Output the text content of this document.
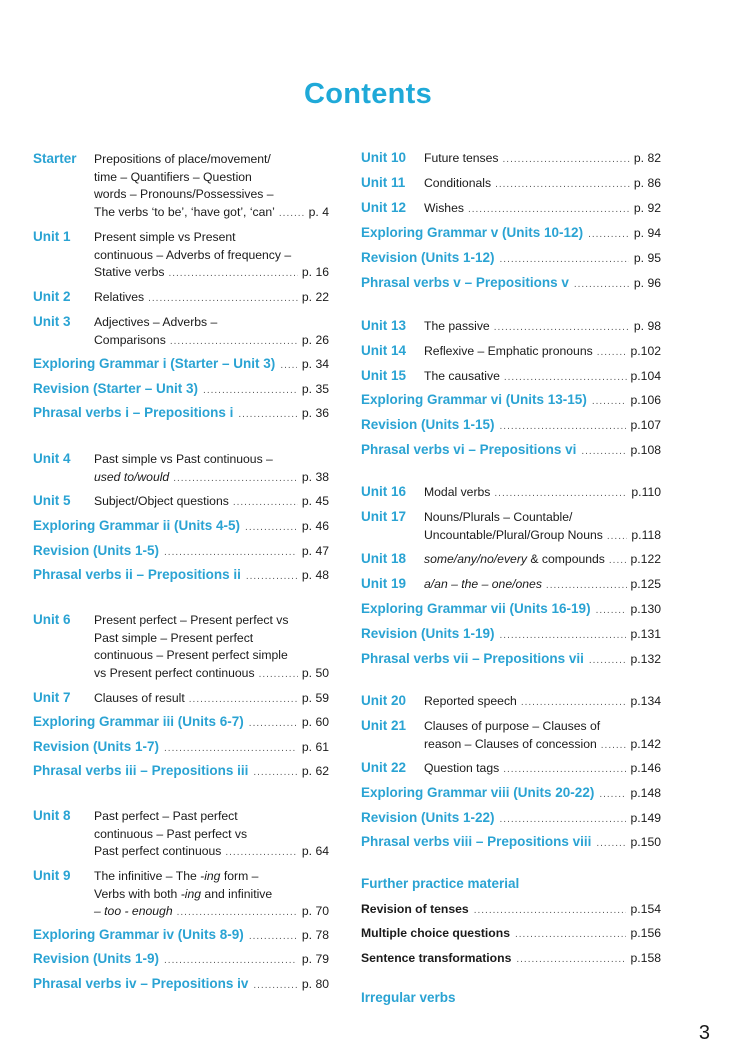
Contents
Starter Prepositions of place/movement/
time – Quantifiers – Question
words – Pronouns/Possessives –
The verbs ‘to be’, ‘have got’, ‘can’ .....	p. 4
Unit 1 Present simple vs Present
continuous – Adverbs of frequency –
Stative verbs .....	p. 16
Unit 2 Relatives .....	p. 22
Unit 3 Adjectives – Adverbs –
Comparisons .....	p. 26
Exploring Grammar i (Starter – Unit 3) ..... p. 34
Revision (Starter – Unit 3) .....	p. 35
Phrasal verbs i – Prepositions i .....	p. 36
Unit 4 Past simple vs Past continuous –
used to/would .....	p. 38
Unit 5 Subject/Object questions .....	p. 45
Exploring Grammar ii (Units 4-5) .....	p. 46
Revision (Units 1-5) .....	p. 47
Phrasal verbs ii – Prepositions ii .....	p. 48
Unit 6 Present perfect – Present perfect vs
Past simple – Present perfect
continuous – Present perfect simple
vs Present perfect continuous .....	p. 50
Unit 7 Clauses of result .....	p. 59
Exploring Grammar iii (Units 6-7) .....	p. 60
Revision (Units 1-7) .....	p. 61
Phrasal verbs iii – Prepositions iii .....	p. 62
Unit 8 Past perfect – Past perfect
continuous – Past perfect vs
Past perfect continuous .....	p. 64
Unit 9 The infinitive – The -ing form –
Verbs with both -ing and infinitive
– too - enough .....	p. 70
Exploring Grammar iv (Units 8-9) .....	p. 78
Revision (Units 1-9) .....	p. 79
Phrasal verbs iv – Prepositions iv .....	p. 80
Unit 10 Future tenses .....	p. 82
Unit 11 Conditionals .....	p. 86
Unit 12 Wishes .....	p. 92
Exploring Grammar v (Units 10-12) .....	p. 94
Revision (Units 1-12) .....	p. 95
Phrasal verbs v – Prepositions v .....	p. 96
Unit 13 The passive .....	p. 98
Unit 14 Reflexive – Emphatic pronouns .....	p.102
Unit 15 The causative .....	p.104
Exploring Grammar vi (Units 13-15) .....	p.106
Revision (Units 1-15) .....	p.107
Phrasal verbs vi – Prepositions vi .....	p.108
Unit 16 Modal verbs .....	p.110
Unit 17 Nouns/Plurals – Countable/
Uncountable/Plural/Group Nouns ..... p.118
Unit 18 some/any/no/every & compounds ..... p.122
Unit 19 a/an – the – one/ones .....	p.125
Exploring Grammar vii (Units 16-19) .....	p.130
Revision (Units 1-19) .....	p.131
Phrasal verbs vii – Prepositions vii .....	p.132
Unit 20 Reported speech .....	p.134
Unit 21 Clauses of purpose – Clauses of
reason – Clauses of concession .....	p.142
Unit 22 Question tags .....	p.146
Exploring Grammar viii (Units 20-22) .....	p.148
Revision (Units 1-22) .....	p.149
Phrasal verbs viii – Prepositions viii .....	p.150
Further practice material
Revision of tenses .....	p.154
Multiple choice questions .....	p.156
Sentence transformations .....	p.158
Irregular verbs
3
